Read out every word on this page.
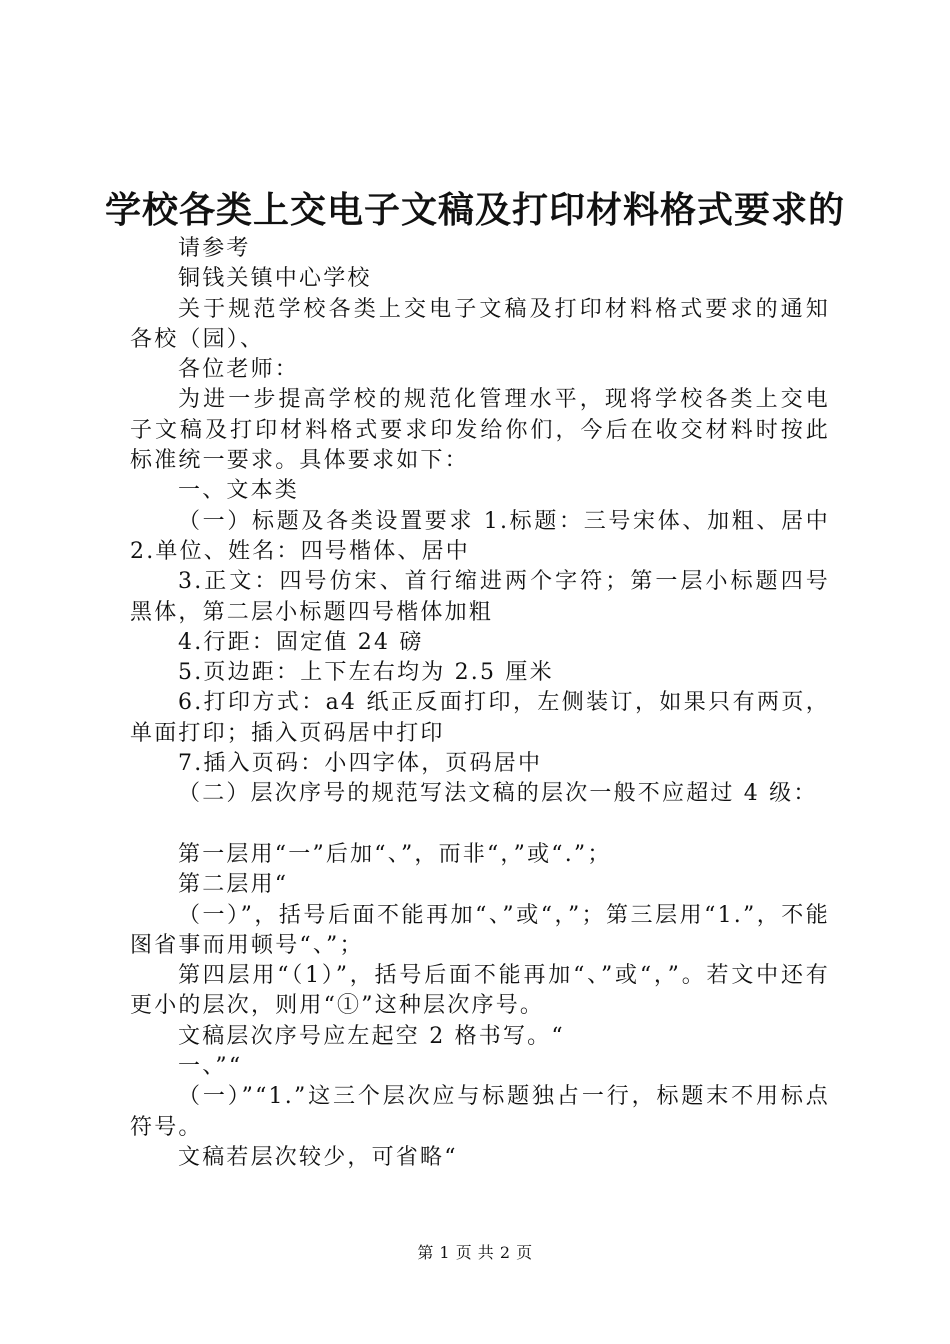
学校各类上交电子文稿及打印材料格式要求的

请参考

铜钱关镇中心学校

关于规范学校各类上交电子文稿及打印材料格式要求的通知各校（园）、

各位老师：

为进一步提高学校的规范化管理水平，现将学校各类上交电子文稿及打印材料格式要求印发给你们，今后在收交材料时按此标准统一要求。具体要求如下：

一、文本类

（一）标题及各类设置要求 1.标题：三号宋体、加粗、居中 2.单位、姓名：四号楷体、居中

3.正文：四号仿宋、首行缩进两个字符；第一层小标题四号黑体，第二层小标题四号楷体加粗

4.行距：固定值 24 磅

5.页边距：上下左右均为 2.5 厘米

6.打印方式：a4 纸正反面打印，左侧装订，如果只有两页，单面打印；插入页码居中打印

7.插入页码：小四字体，页码居中

（二）层次序号的规范写法文稿的层次一般不应超过 4 级：

第一层用“一”后加“、”，而非“，”或“.”；

第二层用“

（一）”，括号后面不能再加“、”或“，”；第三层用“1.”，不能图省事而用顿号“、”；

第四层用“（1）”，括号后面不能再加“、”或“，”。若文中还有更小的层次，则用“①”这种层次序号。

文稿层次序号应左起空 2 格书写。“

一、”“

（一）”“1.”这三个层次应与标题独占一行，标题末不用标点符号。

文稿若层次较少，可省略“

第 1 页 共 2 页
